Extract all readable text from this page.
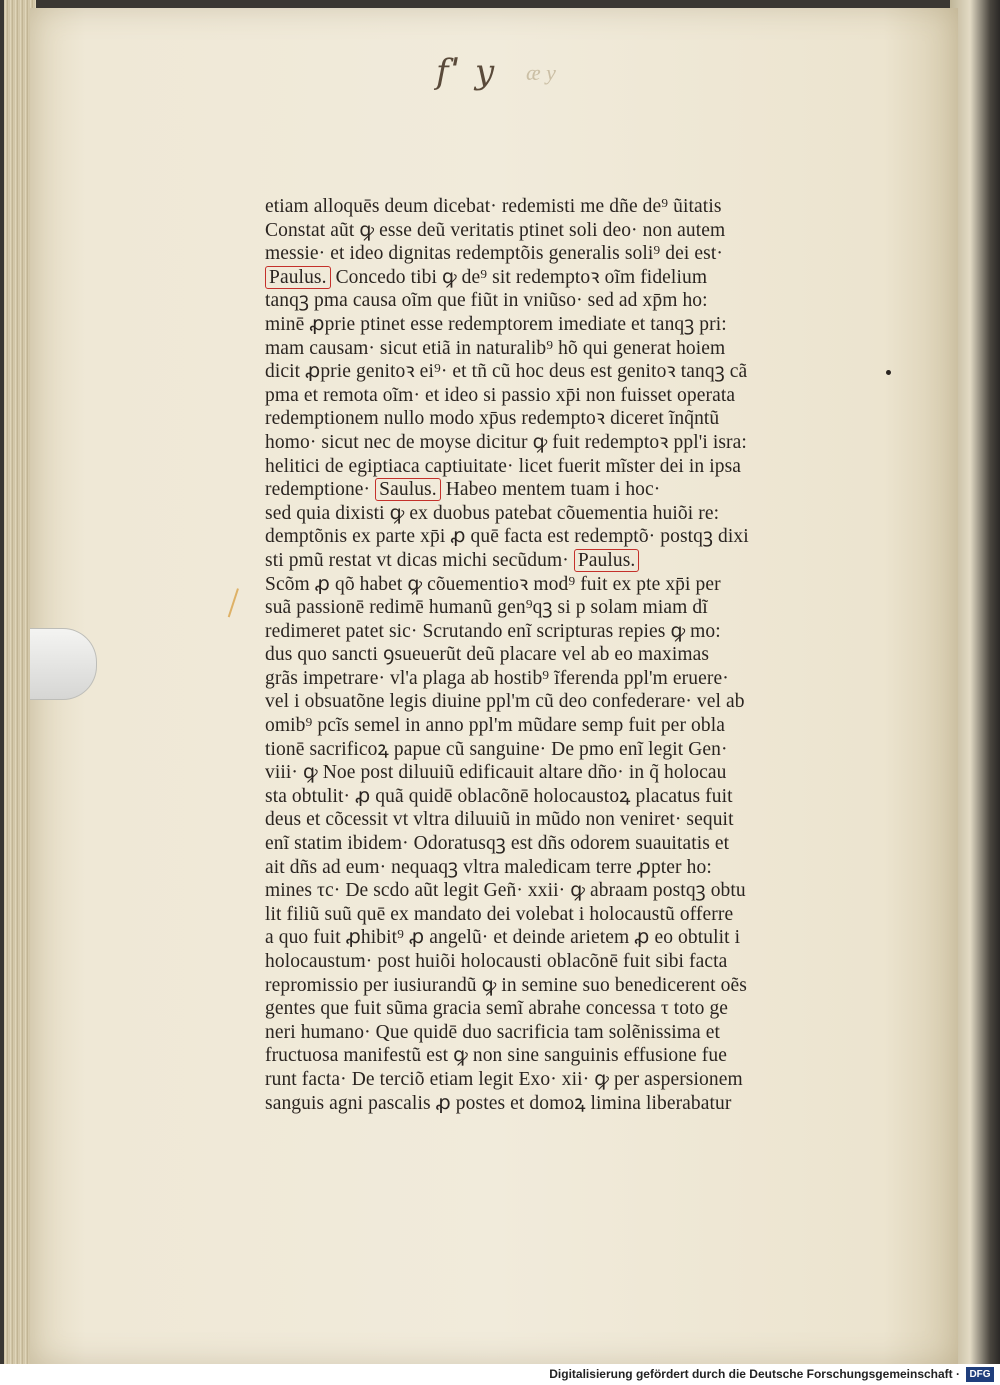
fˈ y æ y
etiam alloquēs deum dicebat· redemisti me dñe de⁹ ũitatis
Constat aũt ꝙ esse deũ veritatis ptinet soli deo· non autem
messie· et ideo dignitas redemptõis generalis soli⁹ dei est·
Paulus. Concedo tibi ꝙ de⁹ sit redemptoꝛ oĩm fidelium
tanqꝫ pma causa oĩm que fiũt in vniũso· sed ad xp̄m ho:
minē ꝓprie ptinet esse redemptorem imediate et tanqꝫ pri:
mam causam· sicut etiã in naturalib⁹ hõ qui generat hoiem
dicit ꝓprie genitoꝛ ei⁹· et tñ cũ hoc deus est genitoꝛ tanqꝫ cã
pma et remota oĩm· et ideo si passio xp̄i non fuisset operata
redemptionem nullo modo xp̄us redemptoꝛ diceret ĩnq̃ntũ
homo· sicut nec de moyse dicitur ꝙ fuit redemptoꝛ ppl'i isra:
helitici de egiptiaca captiuitate· licet fuerit mĩster dei in ipsa
redemptione· Saulus. Habeo mentem tuam i hoc·
sed quia dixisti ꝙ ex duobus patebat cõuementia huiõi re:
demptõnis ex parte xp̄i ꝓ quē facta est redemptõ· postqꝫ dixi
sti pmũ restat vt dicas michi secũdum· Paulus.
Scõm ꝓ qõ habet ꝙ cõuementioꝛ mod⁹ fuit ex pte xp̄i per
suã passionē redimē humanũ gen⁹qꝫ si p solam miam dĩ
redimeret patet sic· Scrutando enĩ scripturas repies ꝙ mo:
dus quo sancti ꝯsueuerũt deũ placare vel ab eo maximas
grãs impetrare· vl'a plaga ab hostib⁹ ĩferenda ppl'm eruere·
vel i obsuatõne legis diuine ppl'm cũ deo confederare· vel ab
omib⁹ pcĩs semel in anno ppl'm mũdare semp fuit per obla
tionē sacrificoꝝ papue cũ sanguine· De pmo enĩ legit Gen·
viii· ꝙ Noe post diluuiũ edificauit altare dño· in q̃ holocau
sta obtulit· ꝓ quã quidē oblacõnē holocaustoꝝ placatus fuit
deus et cõcessit vt vltra diluuiũ in mũdo non veniret· sequit
enĩ statim ibidem· Odoratusqꝫ est dñs odorem suauitatis et
ait dñs ad eum· nequaqꝫ vltra maledicam terre ꝓpter ho:
mines τc· De scdo aũt legit Geñ· xxii· ꝙ abraam postqꝫ obtu
lit filiũ suũ quē ex mandato dei volebat i holocaustũ offerre
a quo fuit ꝓhibit⁹ ꝓ angelũ· et deinde arietem ꝓ eo obtulit i
holocaustum· post huiõi holocausti oblacõnē fuit sibi facta
repromissio per iusiurandũ ꝙ in semine suo benedicerent oẽs
gentes que fuit sũma gracia semĩ abrahe concessa τ toto ge
neri humano· Que quidē duo sacrificia tam solẽnissima et
fructuosa manifestũ est ꝙ non sine sanguinis effusione fue
runt facta· De terciõ etiam legit Exo· xii· ꝙ per aspersionem
sanguis agni pascalis ꝓ postes et domoꝝ limina liberabatur
Digitalisierung gefördert durch die Deutsche Forschungsgemeinschaft · DFG
